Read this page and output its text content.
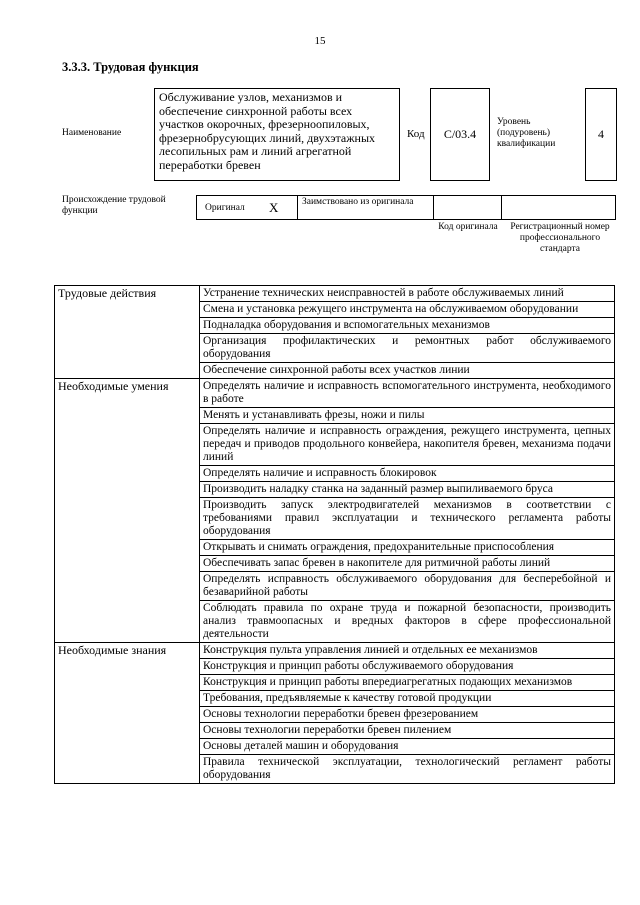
15
3.3.3. Трудовая функция
Наименование
Обслуживание узлов, механизмов и обеспечение синхронной работы всех участков окорочных, фрезерноопиловых, фрезернобрусующих линий, двухэтажных лесопильных рам и линий агрегатной переработки бревен
Код	C/03.4
Уровень (подуровень) квалификации
4
Происхождение трудовой функции	Оригинал X	Заимствовано из оригинала
Код оригинала	Регистрационный номер профессионального стандарта
Трудовые действия	Устранение технических неисправностей в работе обслуживаемых линий
	Смена и установка режущего инструмента на обслуживаемом оборудовании
	Подналадка оборудования и вспомогательных механизмов
	Организация профилактических и ремонтных работ обслуживаемого оборудования
	Обеспечение синхронной работы всех участков линии
Необходимые умения	Определять наличие и исправность вспомогательного инструмента, необходимого в работе
	Менять и устанавливать фрезы, ножи и пилы
	Определять наличие и исправность ограждения, режущего инструмента, цепных передач и приводов продольного конвейера, накопителя бревен, механизма подачи линий
	Определять наличие и исправность блокировок
	Производить наладку станка на заданный размер выпиливаемого бруса
	Производить запуск электродвигателей механизмов в соответствии с требованиями правил эксплуатации и технического регламента работы оборудования
	Открывать и снимать ограждения, предохранительные приспособления
	Обеспечивать запас бревен в накопителе для ритмичной работы линий
	Определять исправность обслуживаемого оборудования для бесперебойной и безаварийной работы
	Соблюдать правила по охране труда и пожарной безопасности, производить анализ травмоопасных и вредных факторов в сфере профессиональной деятельности
Необходимые знания	Конструкция пульта управления линией и отдельных ее механизмов
	Конструкция и принцип работы обслуживаемого оборудования
	Конструкция и принцип работы впередиагрегатных подающих механизмов
	Требования, предъявляемые к качеству готовой продукции
	Основы технологии переработки бревен фрезерованием
	Основы технологии переработки бревен пилением
	Основы деталей машин и оборудования
	Правила технической эксплуатации, технологический регламент работы оборудования
